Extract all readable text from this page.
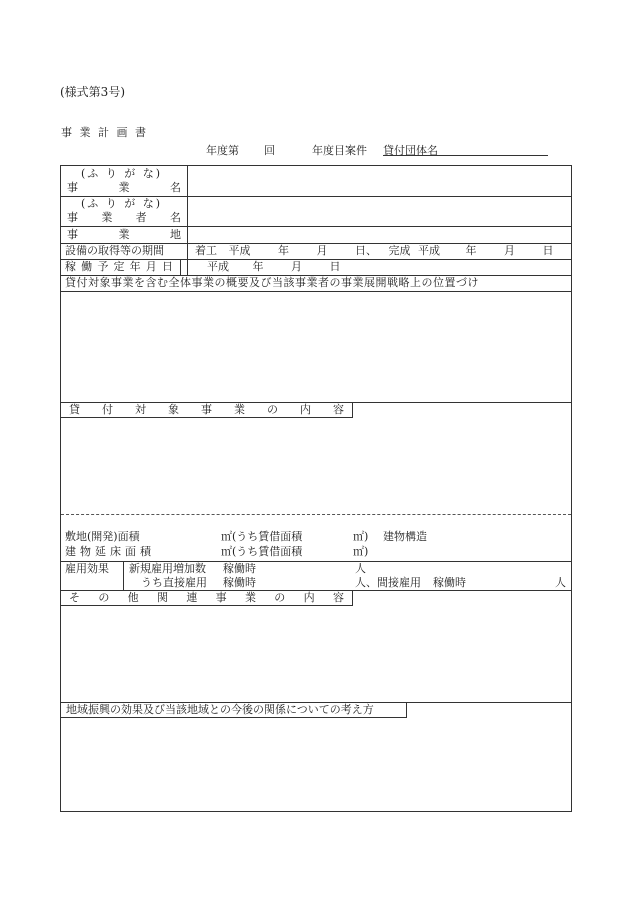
(様式第3号)
事 業 計 画 書
年度第 回	年度目案件 貸付団体名
(ふ り が な)
事	業	名
(ふ り が な)
事 業 者 名
事	業	地
設備の取得等の期間	着工 平成	年	月	日、 完成 平成 年	月	日
稼 働 予 定 年 月 日	平成 年	月	日
貸付対象事業を含む全体事業の概要及び当該事業者の事業展開戦略上の位置づけ
貸 付 対 象 事 業 の 内 容
敷地(開発)面積	㎡(うち賃借面積	㎡) 建物構造
建 物 延 床 面 積	㎡(うち賃借面積	㎡)
雇用効果 新規雇用増加数 稼働時	人
うち直接雇用 稼働時	人、間接雇用 稼働時	人
そ の 他 関 連 事 業 の 内 容
地域振興の効果及び当該地域との今後の関係についての考え方
